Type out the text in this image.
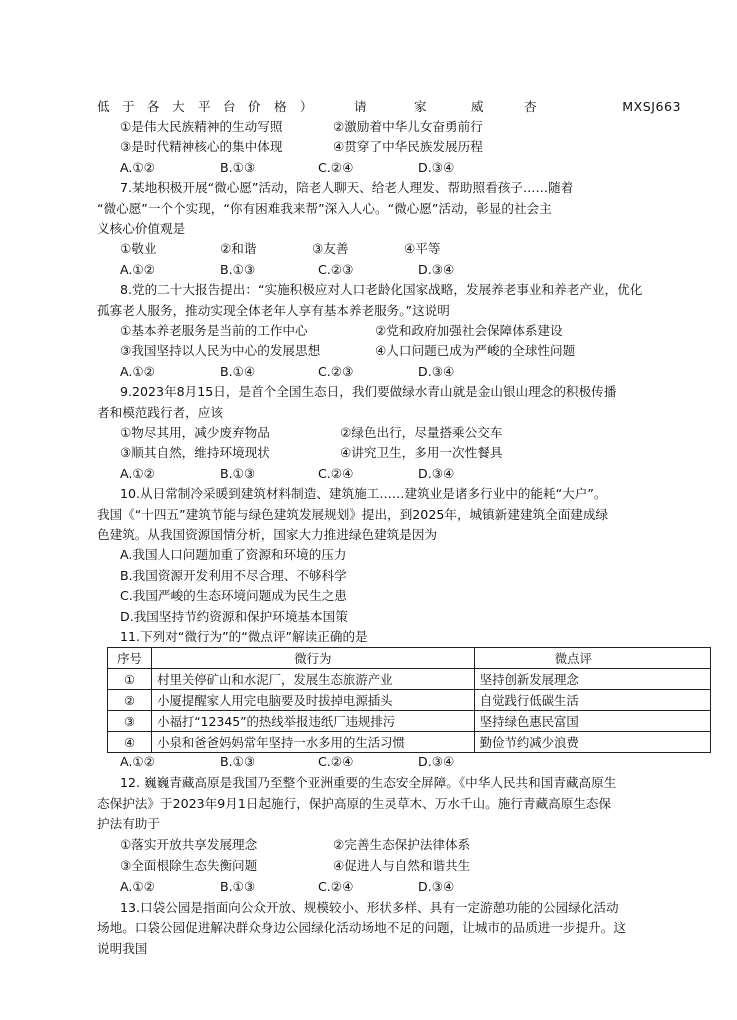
MXSJ663
低 于 各 大 平 台 价 格 ）	请	家	威	杏
①是伟大民族精神的生动写照	②激励着中华儿女奋勇前行
③是时代精神核心的集中体现	④贯穿了中华民族发展历程
A.①②	B.①③	C.②④	D.③④
7.某地积极开展“微心愿”活动，陪老人聊天、给老人理发、帮助照看孩子……随着
“微心愿”一个个实现，“你有困难我来帮”深入人心。“微心愿”活动，彰显的社会主
义核心价值观是
①敬业	②和谐	③友善	④平等
A.①②	B.①③	C.②③	D.③④
8.党的二十大报告提出：“实施积极应对人口老龄化国家战略，发展养老事业和养老产业，优化
孤寡老人服务，推动实现全体老年人享有基本养老服务。”这说明
①基本养老服务是当前的工作中心	②党和政府加强社会保障体系建设
③我国坚持以人民为中心的发展思想	④人口问题已成为严峻的全球性问题
A.①②	B.①④	C.②③	D.③④
9.2023年8月15日，是首个全国生态日，我们要做绿水青山就是金山银山理念的积极传播
者和模范践行者，应该
①物尽其用，减少废弃物品	②绿色出行，尽量搭乘公交车
③顺其自然，维持环境现状	④讲究卫生，多用一次性餐具
A.①②	B.①③	C.②④	D.③④
10.从日常制冷采暖到建筑材料制造、建筑施工……建筑业是诸多行业中的能耗“大户”。
我国《“十四五”建筑节能与绿色建筑发展规划》提出，到2025年，城镇新建建筑全面建成绿
色建筑。从我国资源国情分析，国家大力推进绿色建筑是因为
A.我国人口问题加重了资源和环境的压力
B.我国资源开发利用不尽合理、不够科学
C.我国严峻的生态环境问题成为民生之患
D.我国坚持节约资源和保护环境基本国策
11.下列对“微行为”的“微点评”解读正确的是
序号	微行为	微点评
①	村里关停矿山和水泥厂，发展生态旅游产业	坚持创新发展理念
②	小厦提醒家人用完电脑要及时拔掉电源插头	自觉践行低碳生活
③	小福打“12345”的热线举报违纸厂违规排污	坚持绿色惠民富国
④	小泉和爸爸妈妈常年坚持一水多用的生活习惯	勤俭节约减少浪费
A.①②	B.①③	C.②④	D.③④
12. 巍巍青藏高原是我国乃至整个亚洲重要的生态安全屏障。《中华人民共和国青藏高原生
态保护法》于2023年9月1日起施行，保护高原的生灵草木、万水千山。施行青藏高原生态保
护法有助于
①落实开放共享发展理念	②完善生态保护法律体系
③全面根除生态失衡问题	④促进人与自然和谐共生
A.①②	B.①③	C.②④	D.③④
13.口袋公园是指面向公众开放、规模较小、形状多样、具有一定游憩功能的公园绿化活动
场地。口袋公园促进解决群众身边公园绿化活动场地不足的问题，让城市的品质进一步提升。这
说明我国
